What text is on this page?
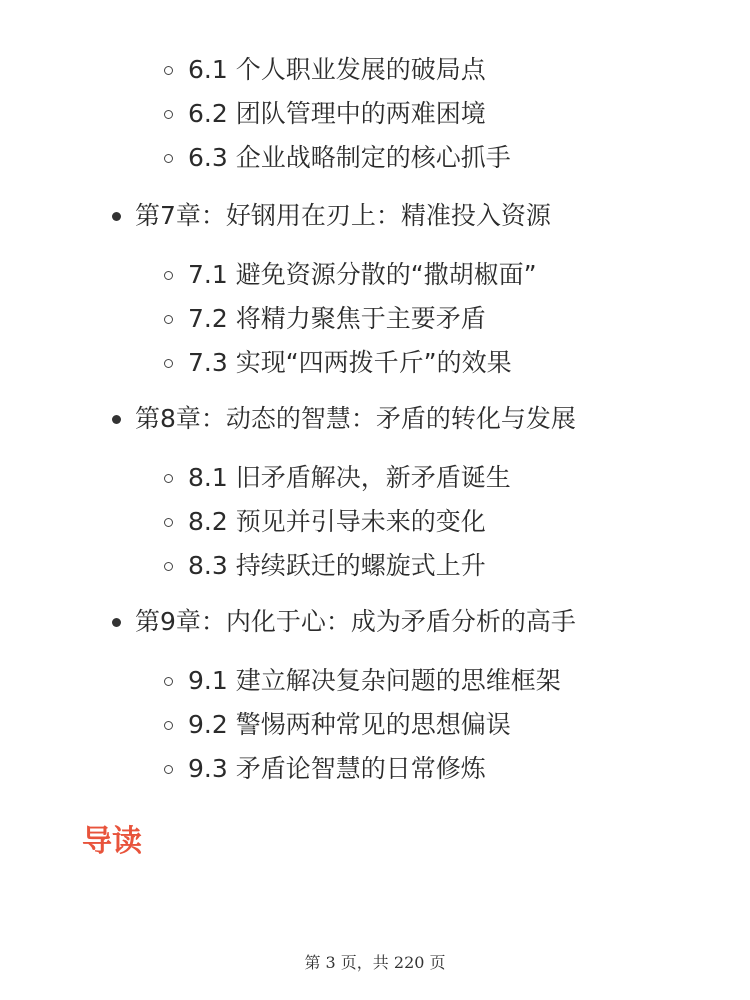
6.1 个人职业发展的破局点
6.2 团队管理中的两难困境
6.3 企业战略制定的核心抓手
第7章：好钢用在刃上：精准投入资源
7.1 避免资源分散的“撒胡椒面”
7.2 将精力聚焦于主要矛盾
7.3 实现“四两拨千斤”的效果
第8章：动态的智慧：矛盾的转化与发展
8.1 旧矛盾解决，新矛盾诞生
8.2 预见并引导未来的变化
8.3 持续跃迁的螺旋式上升
第9章：内化于心：成为矛盾分析的高手
9.1 建立解决复杂问题的思维框架
9.2 警惕两种常见的思想偏误
9.3 矛盾论智慧的日常修炼
导读
第 3 页，共 220 页
